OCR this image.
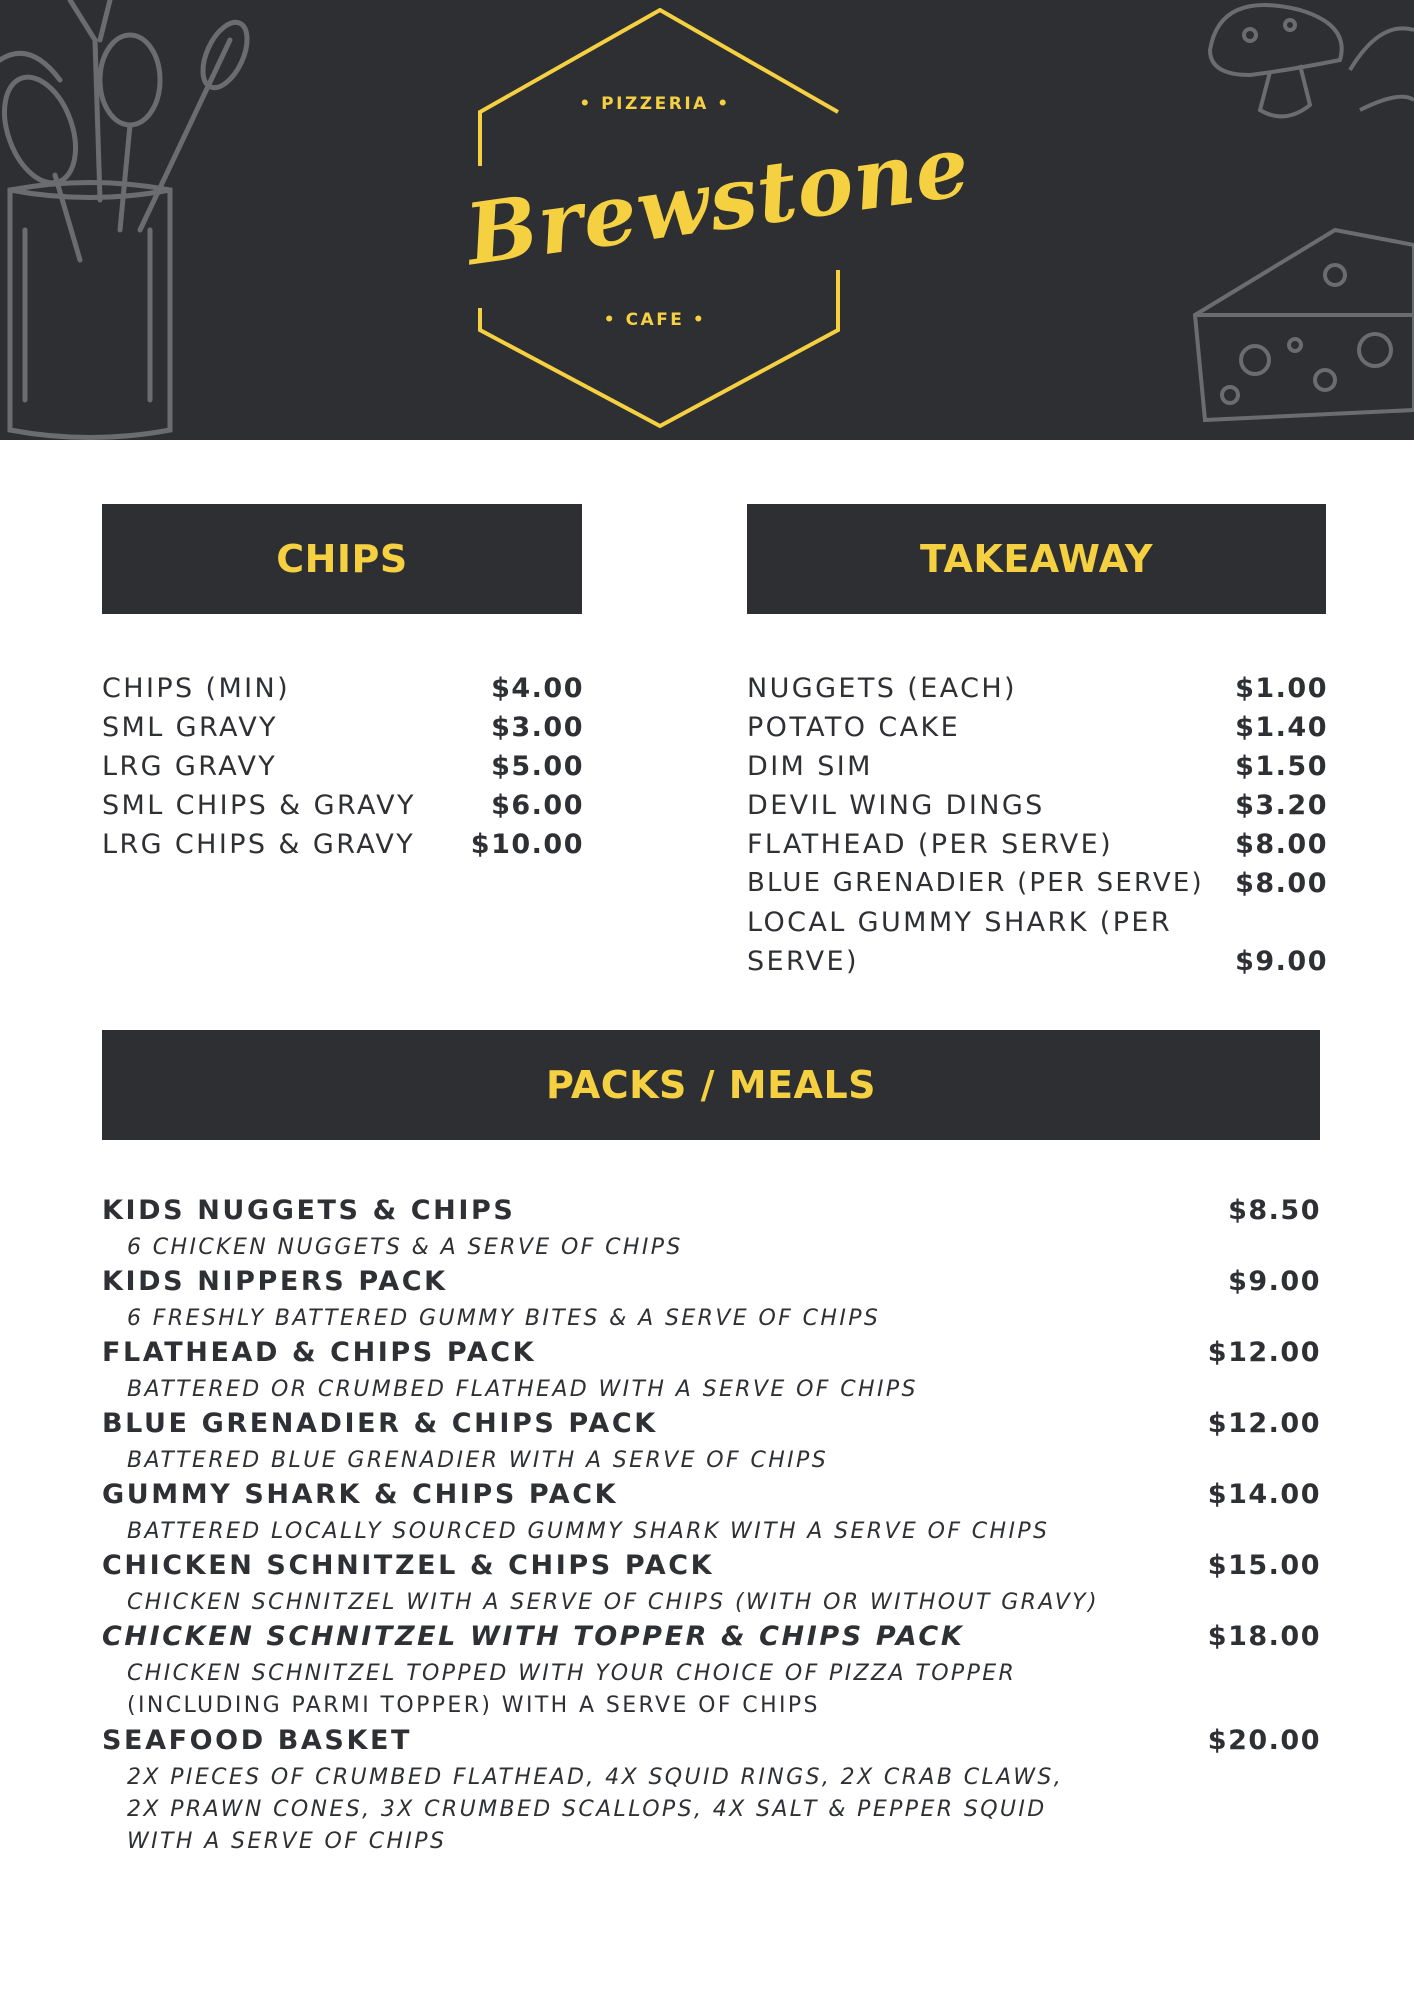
• PIZZERIA •
Brewstone
• CAFE •
CHIPS	TAKEAWAY
PACKS / MEALS
CHIPS (MIN)	$4.00
SML GRAVY	$3.00
LRG GRAVY	$5.00
SML CHIPS & GRAVY	$6.00
LRG CHIPS & GRAVY $10.00
NUGGETS (EACH)	$1.00
POTATO CAKE	$1.40
DIM SIM	$1.50
DEVIL WING DINGS	$3.20
FLATHEAD (PER SERVE)	$8.00
BLUE GRENADIER (PER SERVE) $8.00
LOCAL GUMMY SHARK (PER
SERVE)	$9.00
KIDS NUGGETS & CHIPS	$8.50
6 CHICKEN NUGGETS & A SERVE OF CHIPS
KIDS NIPPERS PACK	$9.00
6 FRESHLY BATTERED GUMMY BITES & A SERVE OF CHIPS
FLATHEAD & CHIPS PACK	$12.00
BATTERED OR CRUMBED FLATHEAD WITH A SERVE OF CHIPS
BLUE GRENADIER & CHIPS PACK	$12.00
BATTERED BLUE GRENADIER WITH A SERVE OF CHIPS
GUMMY SHARK & CHIPS PACK	$14.00
BATTERED LOCALLY SOURCED GUMMY SHARK WITH A SERVE OF CHIPS
CHICKEN SCHNITZEL & CHIPS PACK	$15.00
CHICKEN SCHNITZEL WITH A SERVE OF CHIPS (WITH OR WITHOUT GRAVY)
CHICKEN SCHNITZEL WITH TOPPER & CHIPS PACK	$18.00
CHICKEN SCHNITZEL TOPPED WITH YOUR CHOICE OF PIZZA TOPPER
(INCLUDING PARMI TOPPER) WITH A SERVE OF CHIPS
SEAFOOD BASKET	$20.00
2X PIECES OF CRUMBED FLATHEAD, 4X SQUID RINGS, 2X CRAB CLAWS,
2X PRAWN CONES, 3X CRUMBED SCALLOPS, 4X SALT & PEPPER SQUID
WITH A SERVE OF CHIPS
